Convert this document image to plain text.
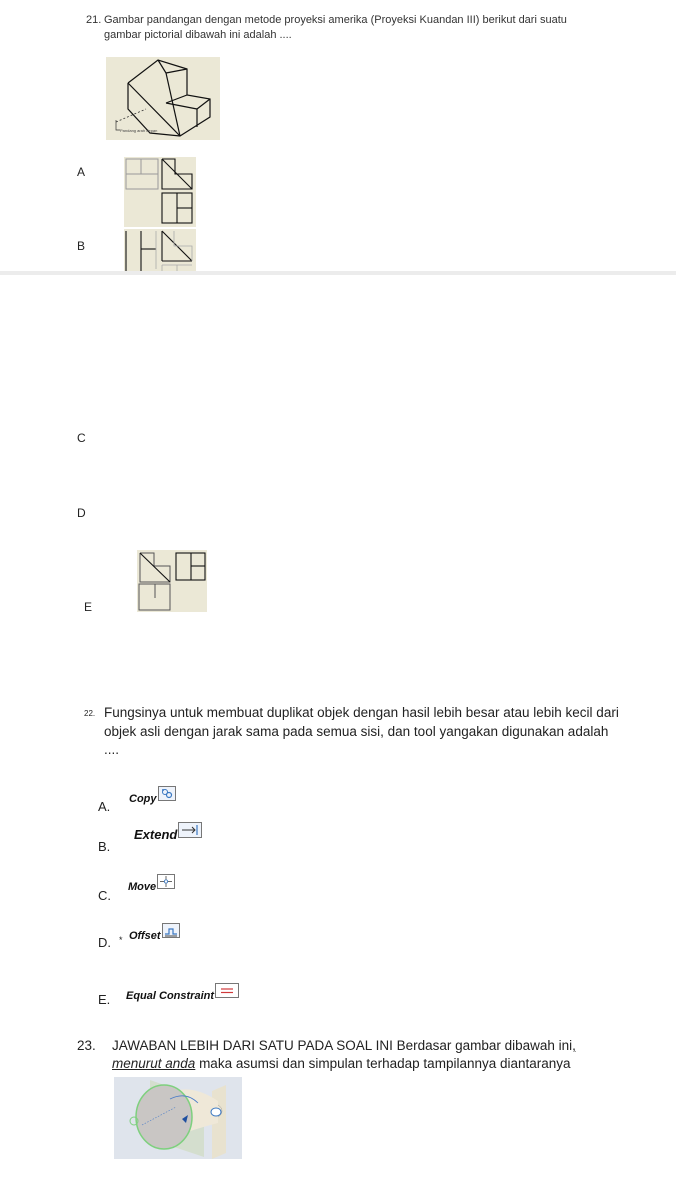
21. Gambar pandangan dengan metode proyeksi amerika (Proyeksi Kuandan III) berikut dari suatu
gambar pictorial dibawah ini adalah ....
Pandang arah depan
A
B
C
D
E
22. Fungsinya untuk membuat duplikat objek dengan hasil lebih besar atau lebih kecil dari
objek asli dengan jarak sama pada semua sisi, dan tool yangakan digunakan adalah
....
A. Copy
B.
Extend
C.
Move
D. * Offset
E. Equal Constraint
23. JAWABAN LEBIH DARI SATU PADA SOAL INI Berdasar gambar dibawah ini,
menurut anda maka asumsi dan simpulan terhadap tampilannya diantaranya
